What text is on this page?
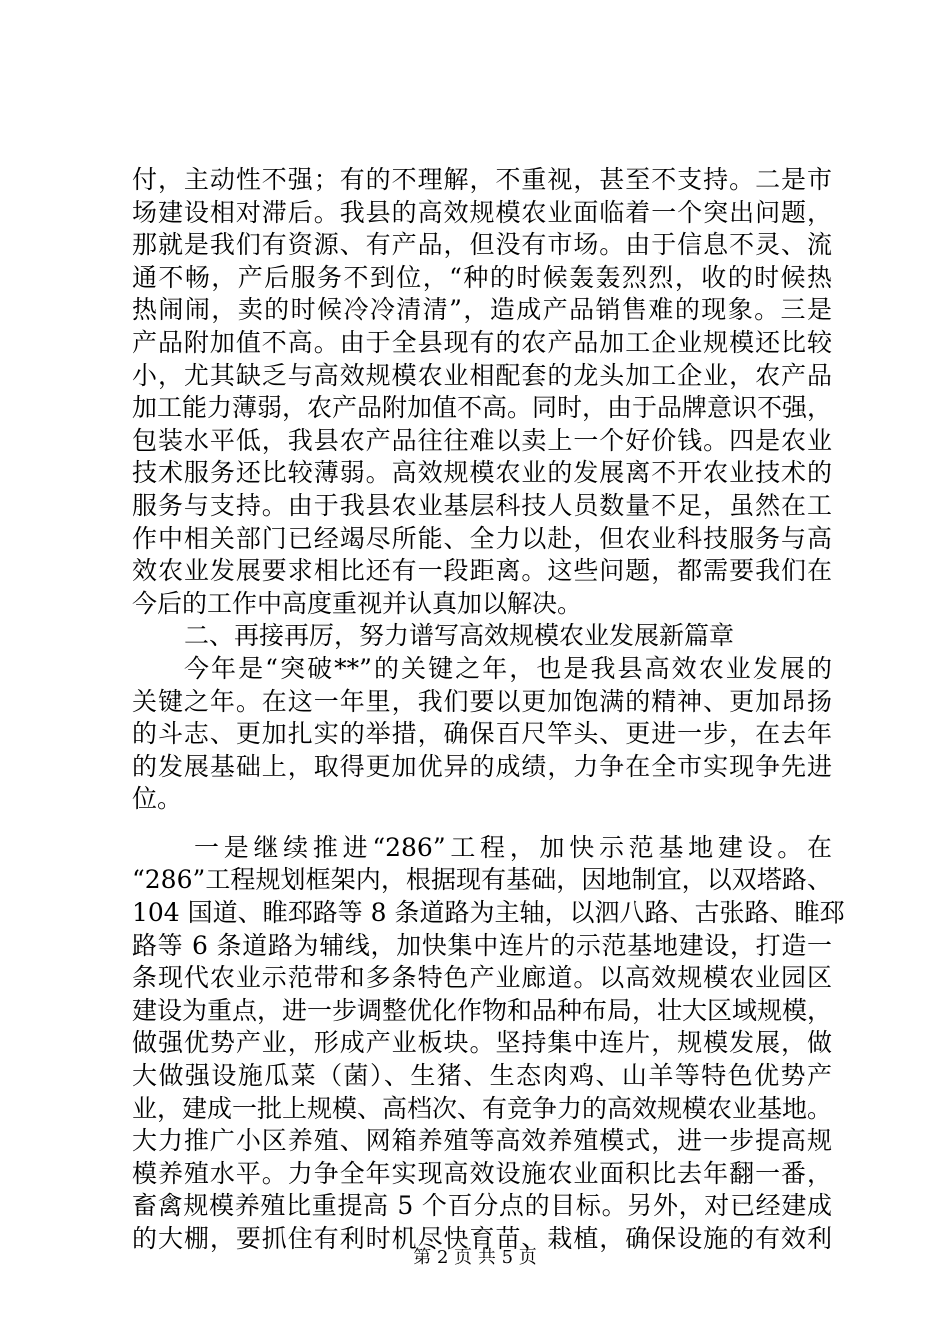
付，主动性不强；有的不理解，不重视，甚至不支持。二是市
场建设相对滞后。我县的高效规模农业面临着一个突出问题，
那就是我们有资源、有产品，但没有市场。由于信息不灵、流
通不畅，产后服务不到位，“种的时候轰轰烈烈，收的时候热
热闹闹，卖的时候冷冷清清”，造成产品销售难的现象。三是
产品附加值不高。由于全县现有的农产品加工企业规模还比较
小，尤其缺乏与高效规模农业相配套的龙头加工企业，农产品
加工能力薄弱，农产品附加值不高。同时，由于品牌意识不强，
包装水平低，我县农产品往往难以卖上一个好价钱。四是农业
技术服务还比较薄弱。高效规模农业的发展离不开农业技术的
服务与支持。由于我县农业基层科技人员数量不足，虽然在工
作中相关部门已经竭尽所能、全力以赴，但农业科技服务与高
效农业发展要求相比还有一段距离。这些问题，都需要我们在
今后的工作中高度重视并认真加以解决。
二、再接再厉，努力谱写高效规模农业发展新篇章
今年是“突破**”的关键之年，也是我县高效农业发展的
关键之年。在这一年里，我们要以更加饱满的精神、更加昂扬
的斗志、更加扎实的举措，确保百尺竿头、更进一步，在去年
的发展基础上，取得更加优异的成绩，力争在全市实现争先进
位。
一是继续推进“286”工程，加快示范基地建设。在
“286”工程规划框架内，根据现有基础，因地制宜，以双塔路、
104 国道、睢邳路等 8 条道路为主轴，以泗八路、古张路、睢邳
路等 6 条道路为辅线，加快集中连片的示范基地建设，打造一
条现代农业示范带和多条特色产业廊道。以高效规模农业园区
建设为重点，进一步调整优化作物和品种布局，壮大区域规模，
做强优势产业，形成产业板块。坚持集中连片，规模发展，做
大做强设施瓜菜（菌）、生猪、生态肉鸡、山羊等特色优势产
业，建成一批上规模、高档次、有竞争力的高效规模农业基地。
大力推广小区养殖、网箱养殖等高效养殖模式，进一步提高规
模养殖水平。力争全年实现高效设施农业面积比去年翻一番，
畜禽规模养殖比重提高 5 个百分点的目标。另外，对已经建成
的大棚，要抓住有利时机尽快育苗、栽植，确保设施的有效利
第 2 页 共 5 页
